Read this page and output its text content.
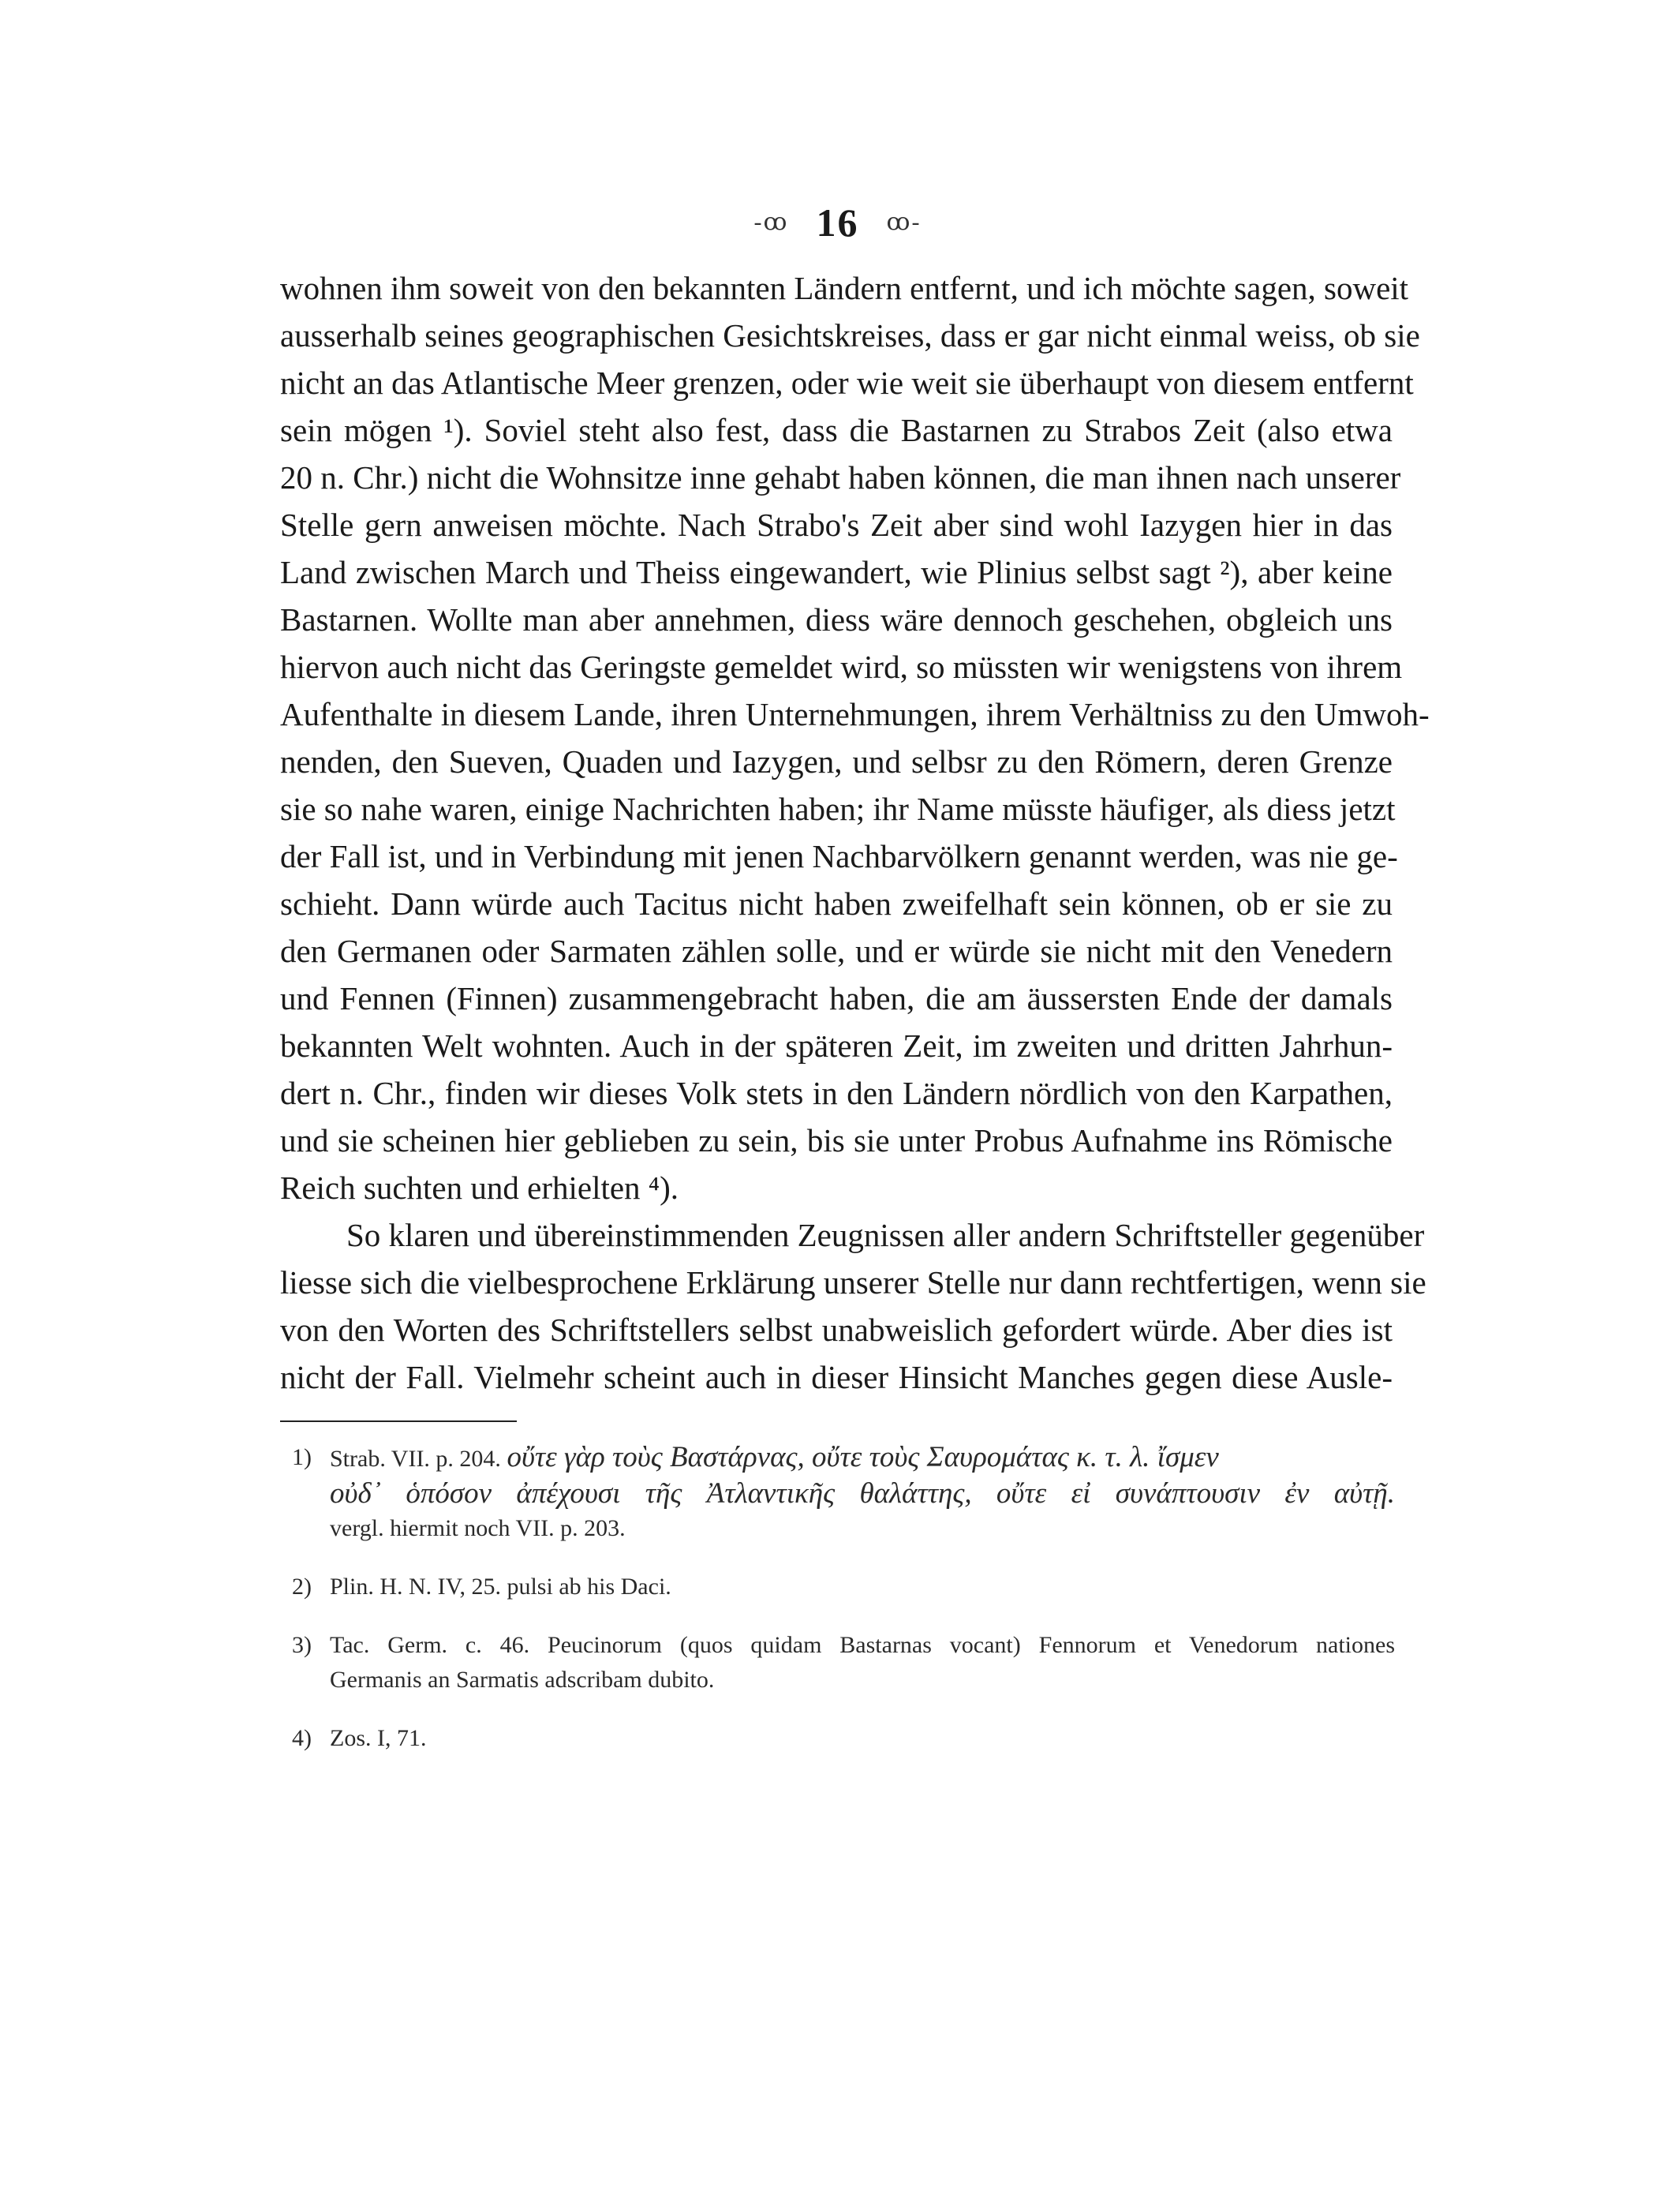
-ꝏ 16 ꝏ-
wohnen ihm soweit von den bekannten Ländern entfernt, und ich möchte sagen, soweit
ausserhalb seines geographischen Gesichtskreises, dass er gar nicht einmal weiss, ob sie
nicht an das Atlantische Meer grenzen, oder wie weit sie überhaupt von diesem entfernt
sein mögen ¹). Soviel steht also fest, dass die Bastarnen zu Strabos Zeit (also etwa
20 n. Chr.) nicht die Wohnsitze inne gehabt haben können, die man ihnen nach unserer
Stelle gern anweisen möchte. Nach Strabo's Zeit aber sind wohl Iazygen hier in das
Land zwischen March und Theiss eingewandert, wie Plinius selbst sagt ²), aber keine
Bastarnen. Wollte man aber annehmen, diess wäre dennoch geschehen, obgleich uns
hiervon auch nicht das Geringste gemeldet wird, so müssten wir wenigstens von ihrem
Aufenthalte in diesem Lande, ihren Unternehmungen, ihrem Verhältniss zu den Umwoh-
nenden, den Sueven, Quaden und Iazygen, und selbsr zu den Römern, deren Grenze
sie so nahe waren, einige Nachrichten haben; ihr Name müsste häufiger, als diess jetzt
der Fall ist, und in Verbindung mit jenen Nachbarvölkern genannt werden, was nie ge-
schieht. Dann würde auch Tacitus nicht haben zweifelhaft sein können, ob er sie zu
den Germanen oder Sarmaten zählen solle, und er würde sie nicht mit den Venedern
und Fennen (Finnen) zusammengebracht haben, die am äussersten Ende der damals
bekannten Welt wohnten. Auch in der späteren Zeit, im zweiten und dritten Jahrhun-
dert n. Chr., finden wir dieses Volk stets in den Ländern nördlich von den Karpathen,
und sie scheinen hier geblieben zu sein, bis sie unter Probus Aufnahme ins Römische
Reich suchten und erhielten ⁴).
So klaren und übereinstimmenden Zeugnissen aller andern Schriftsteller gegenüber
liesse sich die vielbesprochene Erklärung unserer Stelle nur dann rechtfertigen, wenn sie
von den Worten des Schriftstellers selbst unabweislich gefordert würde. Aber dies ist
nicht der Fall. Vielmehr scheint auch in dieser Hinsicht Manches gegen diese Ausle-
1) Strab. VII. p. 204. οὔτε γὰρ τοὺς Βαστάρνας, οὔτε τοὺς Σαυρομάτας κ. τ. λ. ἴσμεν
οὐδ᾽ ὁπόσον ἀπέχουσι τῆς Ἀτλαντικῆς θαλάττης, οὔτε εἰ συνάπτουσιν ἐν αὐτῇ.
vergl. hiermit noch VII. p. 203.
2) Plin. H. N. IV, 25. pulsi ab his Daci.
3) Tac. Germ. c. 46. Peucinorum (quos quidam Bastarnas vocant) Fennorum et Venedorum nationes
Germanis an Sarmatis adscribam dubito.
4) Zos. I, 71.
